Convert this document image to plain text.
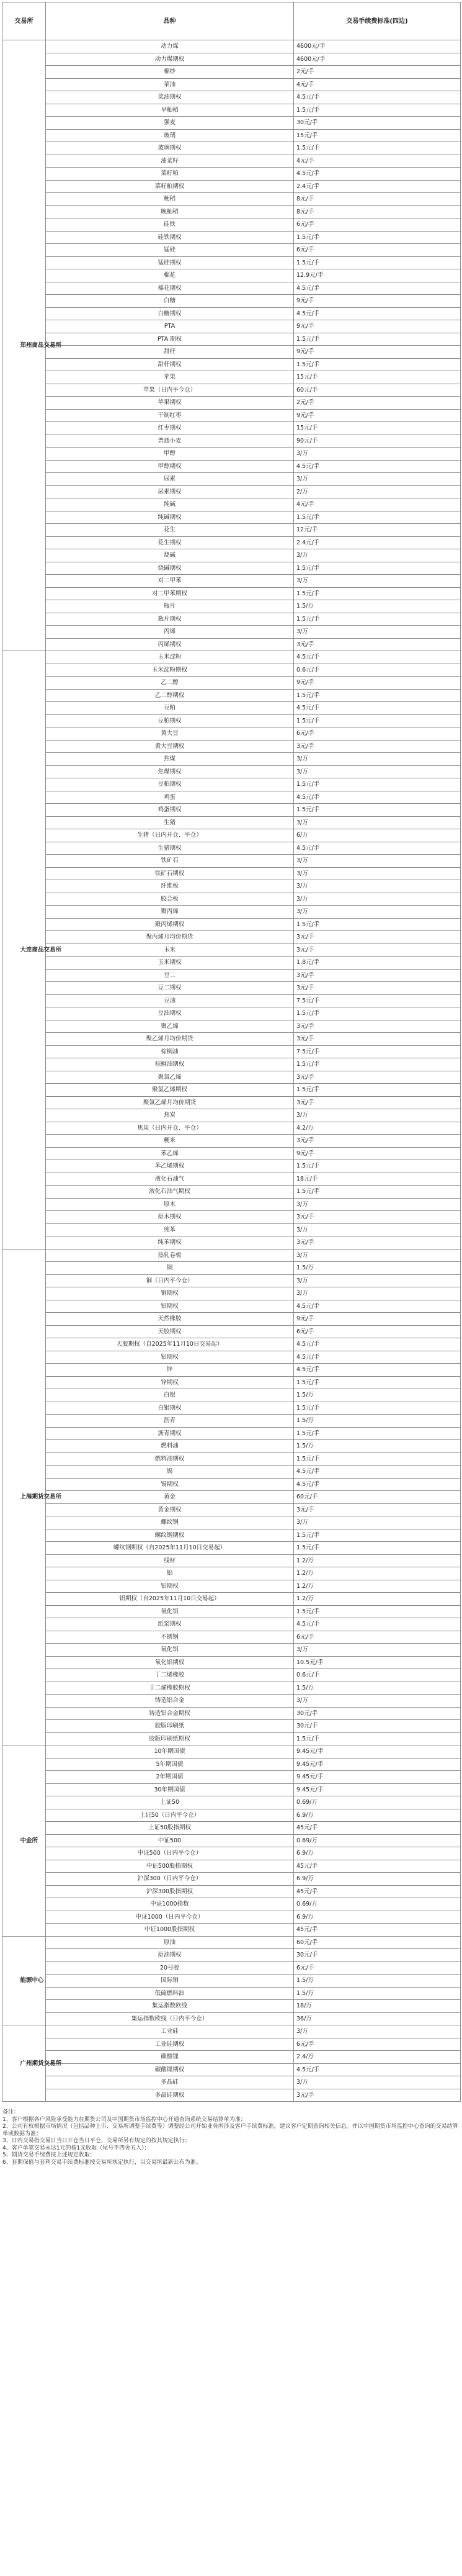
交易所	品种	交易手续费标准(四边)
郑州商品交易所	动力煤	4600元/手
	动力煤期权	4600元/手
	棉纱	2元/手
	菜油	4元/手
	菜油期权	4.5元/手
	早籼稻	1.5元/手
	强麦	30元/手
	玻璃	15元/手
	玻璃期权	1.5元/手
	油菜籽	4元/手
	菜籽粕	4.5元/手
	菜籽粕期权	2.4元/手
	粳稻	8元/手
	晚籼稻	8元/手
	硅铁	6元/手
	硅铁期权	1.5元/手
	锰硅	6元/手
	锰硅期权	1.5元/手
	棉花	12.9元/手
	棉花期权	4.5元/手
	白糖	9元/手
	白糖期权	4.5元/手
	PTA	9元/手
	PTA 期权	1.5元/手
	甜杆	9元/手
	甜杆期权	1.5元/手
	苹果	15元/手
	苹果（日内平今仓）	60元/手
	苹果期权	2元/手
	干制红枣	9元/手
	红枣期权	15元/手
	普通小麦	90元/手
	甲醇	3/万
	甲醇期权	4.5元/手
	尿素	3/万
	尿素期权	2/万
	纯碱	4元/手
	纯碱期权	1.5元/手
	花生	12元/手
	花生期权	2.4元/手
	烧碱	3/万
	烧碱期权	1.5元/手
	对二甲苯	3/万
	对二甲苯期权	1.5元/手
	瓶片	1.5/万
	瓶片期权	1.5元/手
	丙烯	3/万
	丙烯期权	3元/手
大连商品交易所	玉米淀粉	4.5元/手
	玉米淀粉期权	0.6元/手
	乙二醇	9元/手
	乙二醇期权	1.5元/手
	豆粕	4.5元/手
	豆粕期权	1.5元/手
	黄大豆	6元/手
	黄大豆期权	3元/手
	焦煤	3/万
	焦煤期权	3/万
	豆粕期权	1.5元/手
	鸡蛋	4.5元/手
	鸡蛋期权	1.5元/手
	生猪	3/万
	生猪（日内开仓、平仓）	6/万
	生猪期权	4.5元/手
	铁矿石	3/万
	铁矿石期权	3/万
	纤维板	3/万
	胶合板	3/万
	聚丙烯	3/万
	聚丙烯期权	1.5元/手
	聚丙烯月均价期货	3元/手
	玉米	3元/手
	玉米期权	1.8元/手
	豆二	3元/手
	豆二期权	3元/手
	豆油	7.5元/手
	豆油期权	1.5元/手
	聚乙烯	3元/手
	聚乙烯月均价期货	3元/手
	棕榈油	7.5元/手
	棕榈油期权	1.5元/手
	聚氯乙烯	3元/手
	聚氯乙烯期权	1.5元/手
	聚氯乙烯月均价期货	3元/手
	焦炭	3/万
	焦炭（日内开仓、平仓）	4.2/万
	粳米	3元/手
	苯乙烯	9元/手
	苯乙烯期权	1.5元/手
	液化石油气	18元/手
	液化石油气期权	1.5元/手
	原木	3/万
	原木期权	3元/手
	纯苯	3/万
	纯苯期权	3元/手
上海期货交易所	热轧卷板	3/万
	铜	1.5/万
	铜（日内平今仓）	3/万
	铜期权	3/万
	铅期权	4.5元/手
	天然橡胶	9元/手
	天胶期权	6元/手
	天胶期权（自2025年11月10日交易起）	4.5元/手
	铝期权	4.5元/手
	锌	4.5元/手
	锌期权	1.5元/手
	白银	1.5/万
	白银期权	1.5元/手
	沥青	1.5/万
	沥青期权	1.5元/手
	燃料油	1.5/万
	燃料油期权	1.5元/手
	锡	4.5元/手
	锡期权	4.5元/手
	黄金	60元/手
	黄金期权	3元/手
	螺纹钢	3/万
	螺纹钢期权	1.5元/手
	螺纹钢期权（自2025年11月10日交易起）	1.5元/手
	线材	1.2/万
	铝	1.2/万
	铝期权	1.2/万
	铝期权（自2025年11月10日交易起）	1.2/万
	氧化铝	1.5元/手
	纸浆期权	4.5元/手
	不锈钢	6元/手
	氧化铝	3/万
	氧化铝期权	10.5元/手
	丁二烯橡胶	0.6元/手
	丁二烯橡胶期权	1.5/万
	铸造铝合金	3/万
	铸造铝合金期权	30元/手
	胶版印刷纸	30元/手
	胶版印刷纸期权	1.5元/手
中金所	10年期国债	9.45元/手
	5年期国债	9.45元/手
	2年期国债	9.45元/手
	30年期国债	9.45元/手
	上证50	0.69/万
	上证50（日内平今仓）	6.9/万
	上证50股指期权	45元/手
	中证500	0.69/万
	中证500（日内平今仓）	6.9/万
	中证500股指期权	45元/手
	沪深300（日内平今仓）	6.9/万
	沪深300股指期权	45元/手
	中证1000指数	0.69/万
	中证1000（日内平今仓）	6.9/万
	中证1000股指期权	45元/手
能源中心	原油	60元/手
	原油期权	30元/手
	20号胶	6元/手
	国际铜	1.5/万
	低硫燃料油	1.5/万
	集运指数欧线	18/万
	集运指数欧线（日内平今仓）	36/万
广州期货交易所	工业硅	3/万
	工业硅期权	6元/手
	碳酸锂	2.4/万
	碳酸锂期权	4.5元/手
	多晶硅	3/万
	多晶硅期权	3元/手
备注：
1、客户根据各户风险承受能力在期货公司及中国期货市场监控中心开通查询系统交易结算单为准；
2、公司有权根据市场情况（包括品种上市、交易所调整手续费等）调整经公司开始业务所涉及客户手续费标准，建议客户定期查询相关信息。并以中国期货市场监控中心查询的交易结算单或数据为准；
3、日内交易指交易日当日开仓当日平仓，交易所另有规定的按其规定执行；
4、客户单笔交易未达1元的按1元收取（尾号不四舍五入）；
5、期货交易手续费按上述规定收取；
6、套期保值与套利交易手续费标准按交易所规定执行，以交易所最新公布为准。
